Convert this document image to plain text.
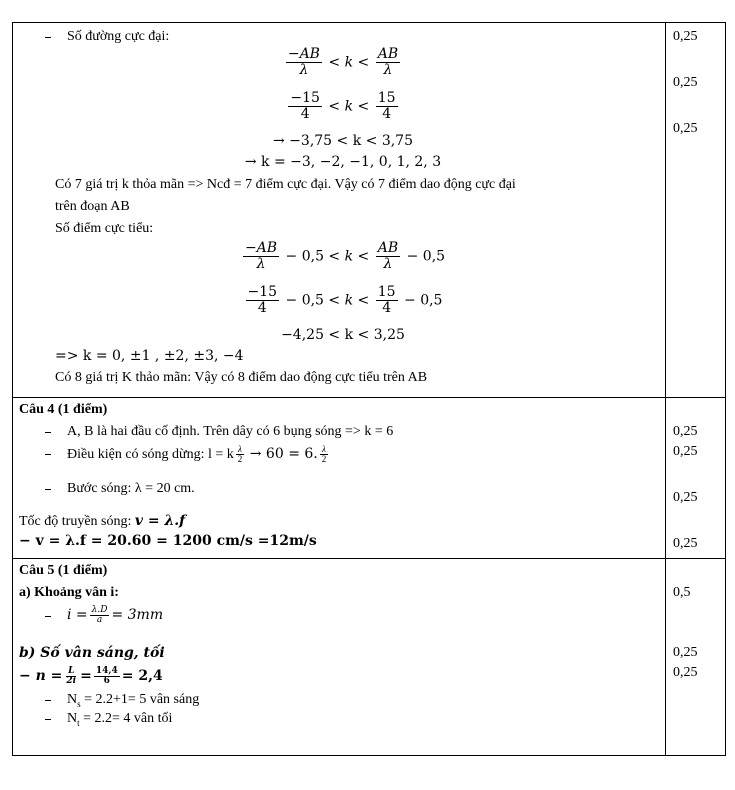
Số đường cực đại:
$\frac{-AB}{\lambda} < k < \frac{AB}{\lambda}$
$\frac{-15}{4} < k < \frac{15}{4}$
→ −3,75 < k < 3,75
→ k = −3, −2, −1, 0, 1, 2, 3
Có 7 giá trị k thỏa mãn => Ncđ = 7 điểm cực đại. Vậy có 7 điểm dao động cực đại
trên đoạn AB
Số điểm cực tiểu:
$\frac{-AB}{\lambda} - 0,5 < k < \frac{AB}{\lambda} - 0,5$
$\frac{-15}{4} - 0,5 < k < \frac{15}{4} - 0,5$
−4,25 < k < 3,25
=> k = 0, ±1 , ±2, ±3, −4
Có 8 giá trị K thảo mãn: Vậy có 8 điểm dao động cực tiểu trên AB
0,25
0,25
0,25
Câu 4 (1 điểm)
A, B là hai đầu cố định. Trên dây có 6 bụng sóng => k = 6
Điều kiện có sóng dừng: l = k $\frac{\lambda}{2} \to 60 = 6$. $\frac{\lambda}{2}$
Bước sóng: λ = 20 cm.
Tốc độ truyền sóng: v = λ.f
− v = λ.f = 20.60 = 1200 cm/s =12m/s
0,25
0,25
0,25
0,25
Câu 5 (1 điểm)
a) Khoảng vân i:
$i = \frac{\lambda.D}{a} = 3mm$
b) Số vân sáng, tối
− $n = \frac{L}{2i} = \frac{14,4}{6} = 2,4$
$N_s = 2.2+1= 5$ vân sáng
$N_t = 2.2= 4$ vân tối
0,5
0,25
0,25
